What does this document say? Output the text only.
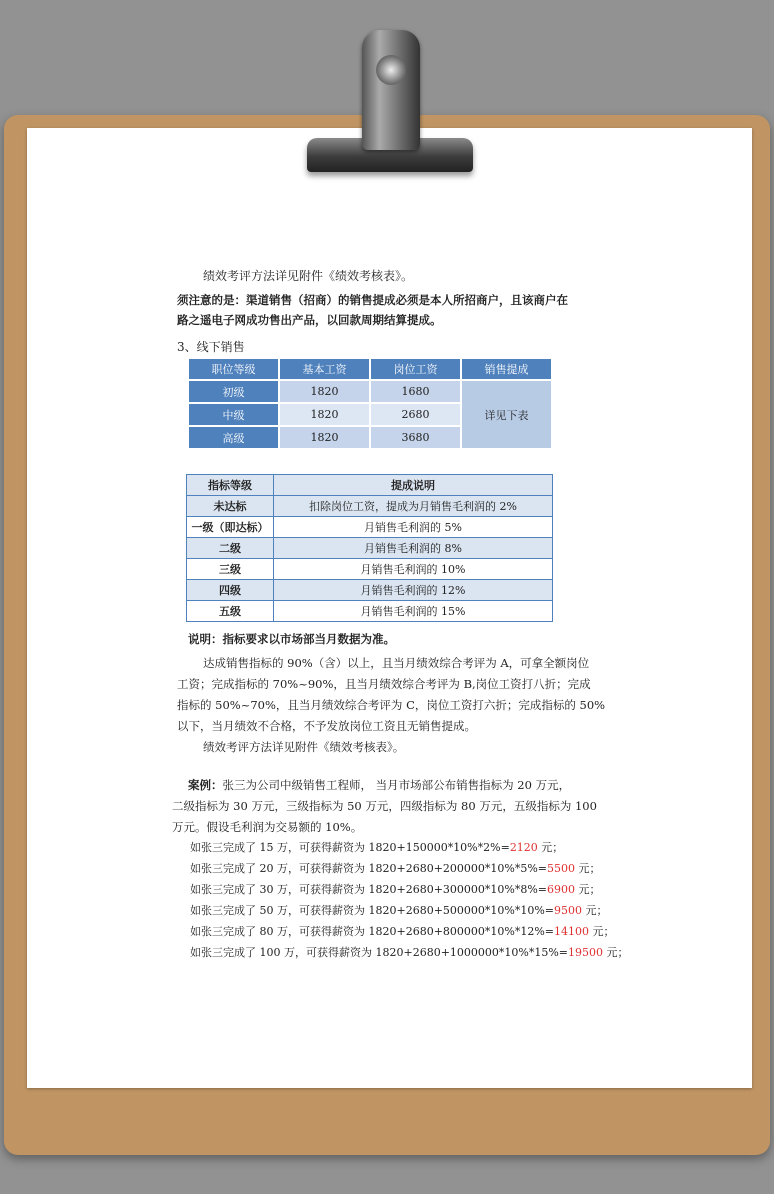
绩效考评方法详见附件《绩效考核表》。
须注意的是：渠道销售（招商）的销售提成必须是本人所招商户，且该商户在
路之遥电子网成功售出产品，以回款周期结算提成。
3、线下销售
职位等级	基本工资	岗位工资	销售提成
初级	1820	1680	详见下表
中级	1820	2680	
高级	1820	3680	
指标等级	提成说明
未达标	扣除岗位工资，提成为月销售毛利润的 2%
一级（即达标）	月销售毛利润的 5%
二级	月销售毛利润的 8%
三级	月销售毛利润的 10%
四级	月销售毛利润的 12%
五级	月销售毛利润的 15%
说明：指标要求以市场部当月数据为准。
达成销售指标的 90%（含）以上，且当月绩效综合考评为 A，可拿全额岗位
工资；完成指标的 70%~90%，且当月绩效综合考评为 B,岗位工资打八折；完成
指标的 50%~70%，且当月绩效综合考评为 C，岗位工资打六折；完成指标的 50%
以下，当月绩效不合格，不予发放岗位工资且无销售提成。
绩效考评方法详见附件《绩效考核表》。
案例：张三为公司中级销售工程师， 当月市场部公布销售指标为 20 万元，
二级指标为 30 万元，三级指标为 50 万元，四级指标为 80 万元，五级指标为 100
万元。假设毛利润为交易额的 10%。
如张三完成了 15 万，可获得薪资为 1820+150000*10%*2%=2120 元；
如张三完成了 20 万，可获得薪资为 1820+2680+200000*10%*5%=5500 元；
如张三完成了 30 万，可获得薪资为 1820+2680+300000*10%*8%=6900 元；
如张三完成了 50 万，可获得薪资为 1820+2680+500000*10%*10%=9500 元；
如张三完成了 80 万，可获得薪资为 1820+2680+800000*10%*12%=14100 元；
如张三完成了 100 万，可获得薪资为 1820+2680+1000000*10%*15%=19500 元；
